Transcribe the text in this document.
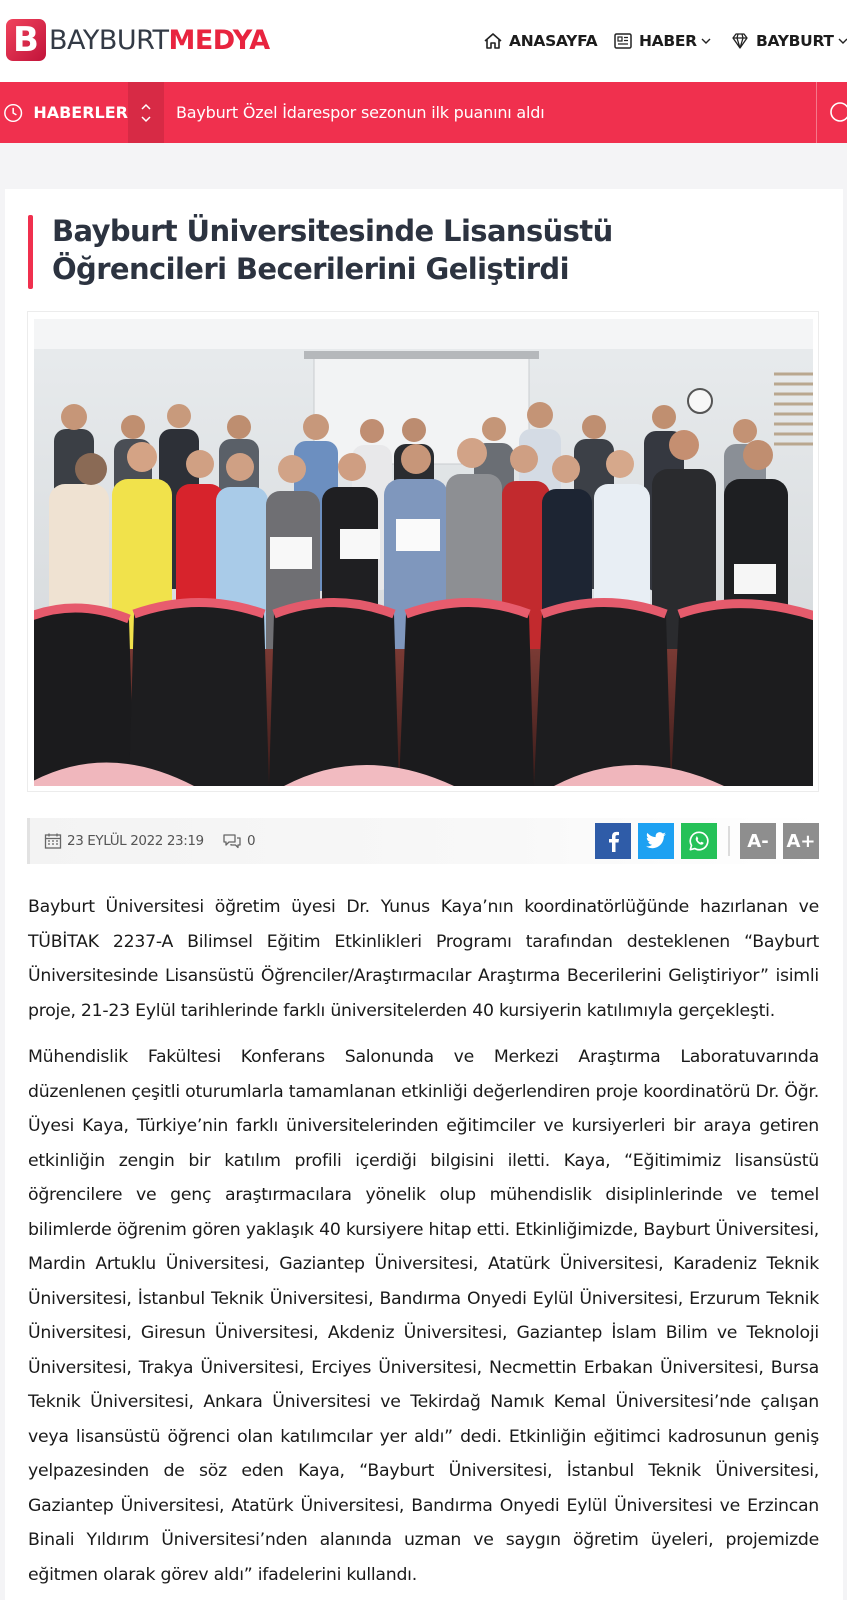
B BAYBURTMEDYA	ANASAYFA	HABER	BAYBURT
HABERLER	Bayburt Özel İdarespor sezonun ilk puanını aldı
Bayburt Üniversitesinde Lisansüstü Öğrencileri Becerilerini Geliştirdi
23 EYLÜL 2022 23:19	0	A- A+

Bayburt Üniversitesi öğretim üyesi Dr. Yunus Kaya’nın koordinatörlüğünde hazırlanan ve TÜBİTAK 2237-A Bilimsel Eğitim Etkinlikleri Programı tarafından desteklenen “Bayburt Üniversitesinde Lisansüstü Öğrenciler/Araştırmacılar Araştırma Becerilerini Geliştiriyor” isimli proje, 21-23 Eylül tarihlerinde farklı üniversitelerden 40 kursiyerin katılımıyla gerçekleşti.

Mühendislik Fakültesi Konferans Salonunda ve Merkezi Araştırma Laboratuvarında düzenlenen çeşitli oturumlarla tamamlanan etkinliği değerlendiren proje koordinatörü Dr. Öğr. Üyesi Kaya, Türkiye’nin farklı üniversitelerinden eğitimciler ve kursiyerleri bir araya getiren etkinliğin zengin bir katılım profili içerdiği bilgisini iletti. Kaya, “Eğitimimiz lisansüstü öğrencilere ve genç araştırmacılara yönelik olup mühendislik disiplinlerinde ve temel bilimlerde öğrenim gören yaklaşık 40 kursiyere hitap etti. Etkinliğimizde, Bayburt Üniversitesi, Mardin Artuklu Üniversitesi, Gaziantep Üniversitesi, Atatürk Üniversitesi, Karadeniz Teknik Üniversitesi, İstanbul Teknik Üniversitesi, Bandırma Onyedi Eylül Üniversitesi, Erzurum Teknik Üniversitesi, Giresun Üniversitesi, Akdeniz Üniversitesi, Gaziantep İslam Bilim ve Teknoloji Üniversitesi, Trakya Üniversitesi, Erciyes Üniversitesi, Necmettin Erbakan Üniversitesi, Bursa Teknik Üniversitesi, Ankara Üniversitesi ve Tekirdağ Namık Kemal Üniversitesi’nde çalışan veya lisansüstü öğrenci olan katılımcılar yer aldı” dedi. Etkinliğin eğitimci kadrosunun geniş yelpazesinden de söz eden Kaya, “Bayburt Üniversitesi, İstanbul Teknik Üniversitesi, Gaziantep Üniversitesi, Atatürk Üniversitesi, Bandırma Onyedi Eylül Üniversitesi ve Erzincan Binali Yıldırım Üniversitesi’nden alanında uzman ve saygın öğretim üyeleri, projemizde eğitmen olarak görev aldı” ifadelerini kullandı.
